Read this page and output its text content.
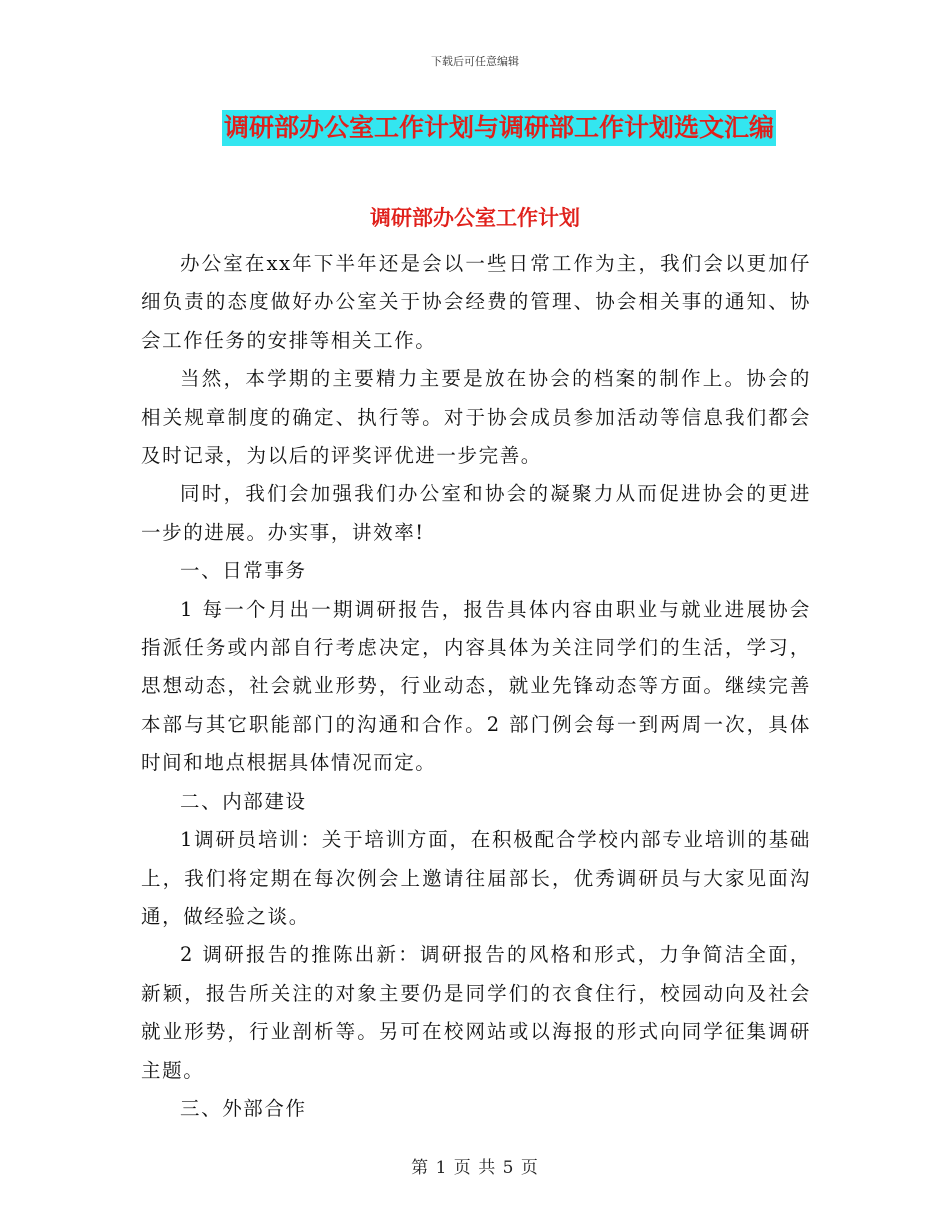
下载后可任意编辑
调研部办公室工作计划与调研部工作计划选文汇编
调研部办公室工作计划

办公室在xx年下半年还是会以一些日常工作为主，我们会以更加仔细负责的态度做好办公室关于协会经费的管理、协会相关事的通知、协会工作任务的安排等相关工作。

当然，本学期的主要精力主要是放在协会的档案的制作上。协会的相关规章制度的确定、执行等。对于协会成员参加活动等信息我们都会及时记录，为以后的评奖评优进一步完善。

同时，我们会加强我们办公室和协会的凝聚力从而促进协会的更进一步的进展。办实事，讲效率!

一、日常事务

1 每一个月出一期调研报告，报告具体内容由职业与就业进展协会指派任务或内部自行考虑决定，内容具体为关注同学们的生活，学习，思想动态，社会就业形势，行业动态，就业先锋动态等方面。继续完善本部与其它职能部门的沟通和合作。2 部门例会每一到两周一次，具体时间和地点根据具体情况而定。

二、内部建设

1调研员培训：关于培训方面，在积极配合学校内部专业培训的基础上，我们将定期在每次例会上邀请往届部长，优秀调研员与大家见面沟通，做经验之谈。

2 调研报告的推陈出新：调研报告的风格和形式，力争简洁全面，新颖，报告所关注的对象主要仍是同学们的衣食住行，校园动向及社会就业形势，行业剖析等。另可在校网站或以海报的形式向同学征集调研主题。

三、外部合作

第 1 页 共 5 页
